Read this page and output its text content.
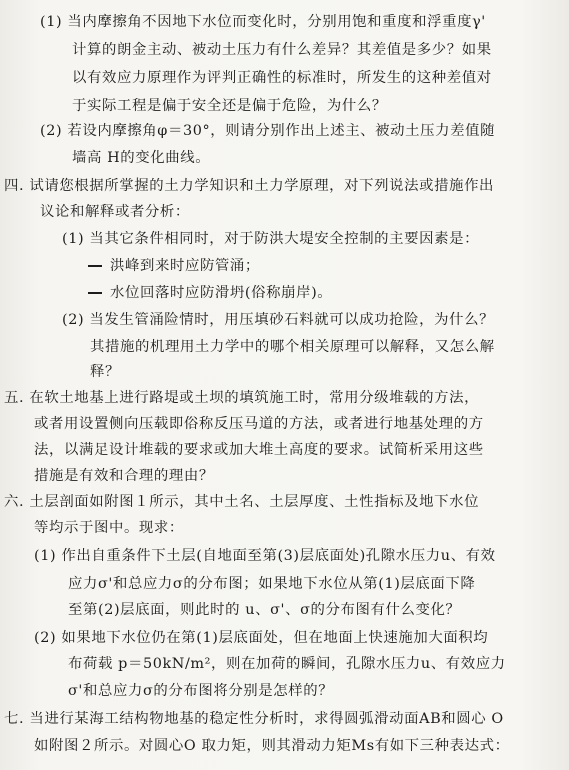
(1) 当内摩擦角不因地下水位而变化时，分别用饱和重度和浮重度γ'
计算的朗金主动、被动土压力有什么差异？其差值是多少？如果
以有效应力原理作为评判正确性的标准时，所发生的这种差值对
于实际工程是偏于安全还是偏于危险，为什么？
(2) 若设内摩擦角φ＝30°，则请分别作出上述主、被动土压力差值随
墙高 H的变化曲线。
四. 试请您根据所掌握的土力学知识和土力学原理，对下列说法或措施作出
议论和解释或者分析：
(1) 当其它条件相同时，对于防洪大堤安全控制的主要因素是：
洪峰到来时应防管涌；
水位回落时应防滑坍(俗称崩岸)。
(2) 当发生管涌险情时，用压填砂石料就可以成功抢险，为什么？
其措施的机理用土力学中的哪个相关原理可以解释，又怎么解
释？
五. 在软土地基上进行路堤或土坝的填筑施工时，常用分级堆载的方法，
或者用设置侧向压载即俗称反压马道的方法，或者进行地基处理的方
法，以满足设计堆载的要求或加大堆土高度的要求。试简析采用这些
措施是有效和合理的理由？
六. 土层剖面如附图１所示，其中土名、土层厚度、土性指标及地下水位
等均示于图中。现求：
(1) 作出自重条件下土层(自地面至第(3)层底面处)孔隙水压力u、有效
应力σ'和总应力σ的分布图；如果地下水位从第(1)层底面下降
至第(2)层底面，则此时的 u、σ'、σ的分布图有什么变化？
(2) 如果地下水位仍在第(1)层底面处，但在地面上快速施加大面积均
布荷载 p＝50kN/m²，则在加荷的瞬间，孔隙水压力u、有效应力
σ'和总应力σ的分布图将分别是怎样的？
七. 当进行某海工结构物地基的稳定性分析时，求得圆弧滑动面AB和圆心 O
如附图２所示。对圆心O 取力矩，则其滑动力矩Ms有如下三种表达式：
